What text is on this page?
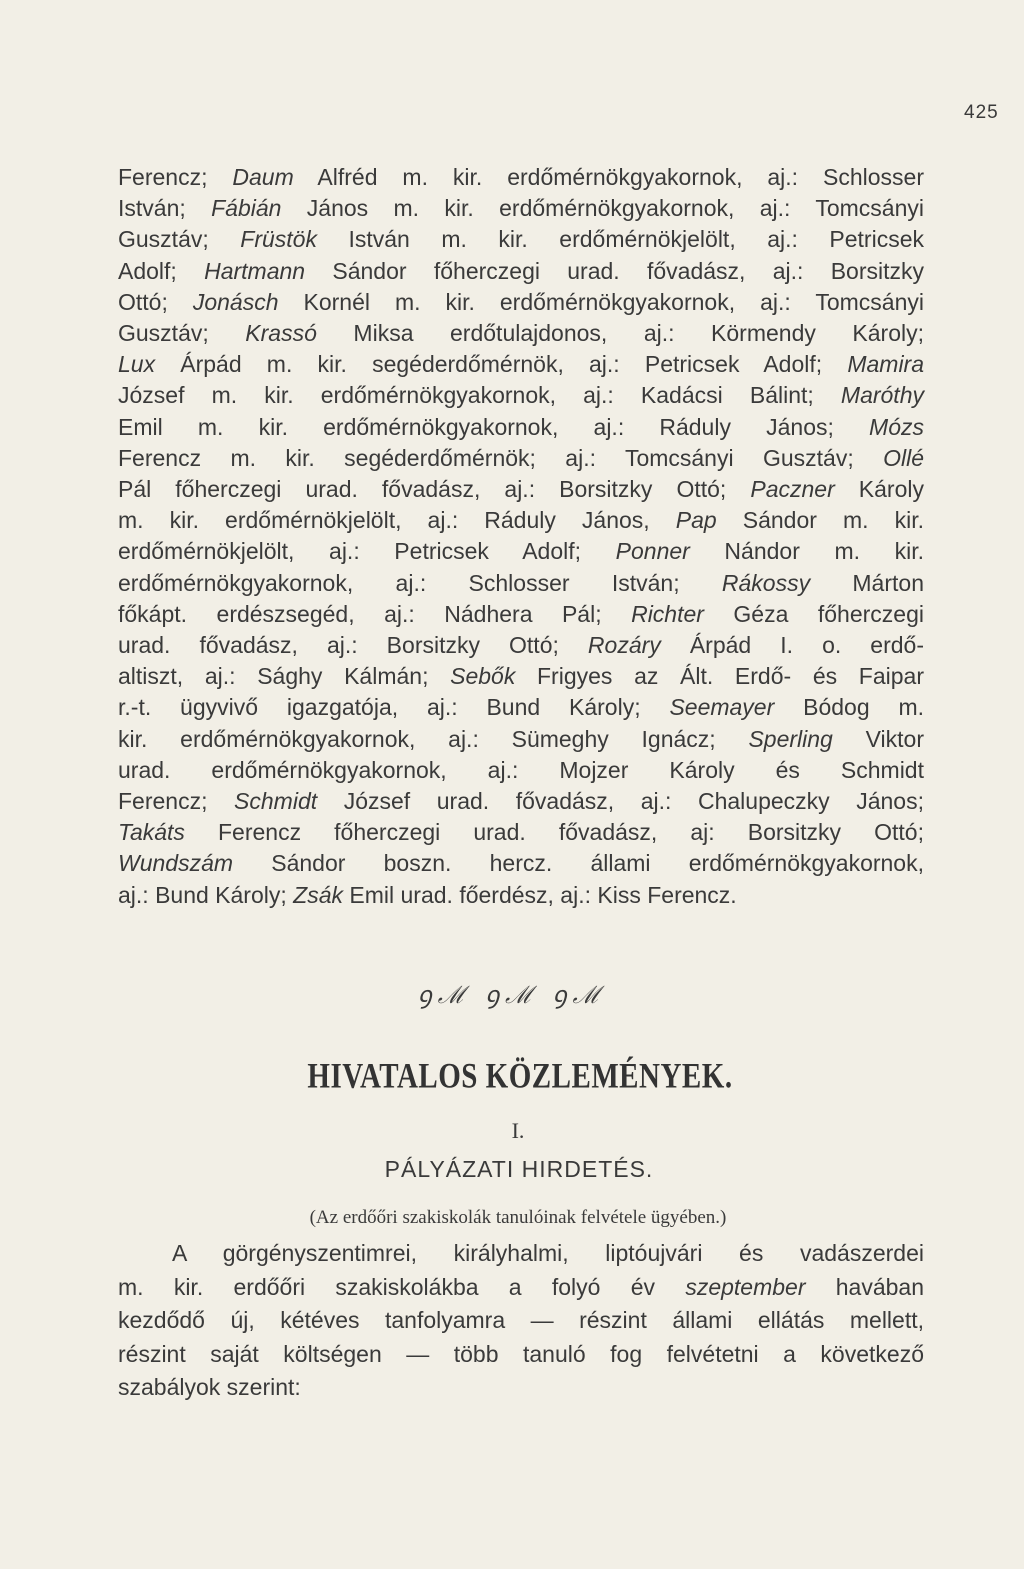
425

Ferencz; Daum Alfréd m. kir. erdőmérnökgyakornok, aj.: Schlosser
István; Fábián János m. kir. erdőmérnökgyakornok, aj.: Tomcsányi
Gusztáv; Früstök István m. kir. erdőmérnökjelölt, aj.: Petricsek
Adolf; Hartmann Sándor főherczegi urad. fővadász, aj.: Borsitzky
Ottó; Jonásch Kornél m. kir. erdőmérnökgyakornok, aj.: Tomcsányi
Gusztáv; Krassó Miksa erdőtulajdonos, aj.: Körmendy Károly;
Lux Árpád m. kir. segéderdőmérnök, aj.: Petricsek Adolf; Mamira
József m. kir. erdőmérnökgyakornok, aj.: Kadácsi Bálint; Maróthy
Emil m. kir. erdőmérnökgyakornok, aj.: Ráduly János; Mózs
Ferencz m. kir. segéderdőmérnök; aj.: Tomcsányi Gusztáv; Ollé
Pál főherczegi urad. fővadász, aj.: Borsitzky Ottó; Paczner Károly
m. kir. erdőmérnökjelölt, aj.: Ráduly János, Pap Sándor m. kir.
erdőmérnökjelölt, aj.: Petricsek Adolf; Ponner Nándor m. kir.
erdőmérnökgyakornok, aj.: Schlosser István; Rákossy Márton
főkápt. erdészsegéd, aj.: Nádhera Pál; Richter Géza főherczegi
urad. fővadász, aj.: Borsitzky Ottó; Rozáry Árpád I. o. erdő-
altiszt, aj.: Sághy Kálmán; Sebők Frigyes az Ált. Erdő- és Faipar
r.-t. ügyvivő igazgatója, aj.: Bund Károly; Seemayer Bódog m.
kir. erdőmérnökgyakornok, aj.: Sümeghy Ignácz; Sperling Viktor
urad. erdőmérnökgyakornok, aj.: Mojzer Károly és Schmidt
Ferencz; Schmidt József urad. fővadász, aj.: Chalupeczky János;
Takáts Ferencz főherczegi urad. fővadász, aj: Borsitzky Ottó;
Wundszám Sándor boszn. hercz. állami erdőmérnökgyakornok,
aj.: Bund Károly; Zsák Emil urad. főerdész, aj.: Kiss Ferencz.

ꝯℳ ꝯℳ ꝯℳ
HIVATALOS KÖZLEMÉNYEK.
I.
PÁLYÁZATI HIRDETÉS.
(Az erdőőri szakiskolák tanulóinak felvétele ügyében.)

A görgényszentimrei, királyhalmi, liptóujvári és vadászerdei
m. kir. erdőőri szakiskolákba a folyó év szeptember havában
kezdődő új, kétéves tanfolyamra — részint állami ellátás mellett,
részint saját költségen — több tanuló fog felvétetni a következő
szabályok szerint:
